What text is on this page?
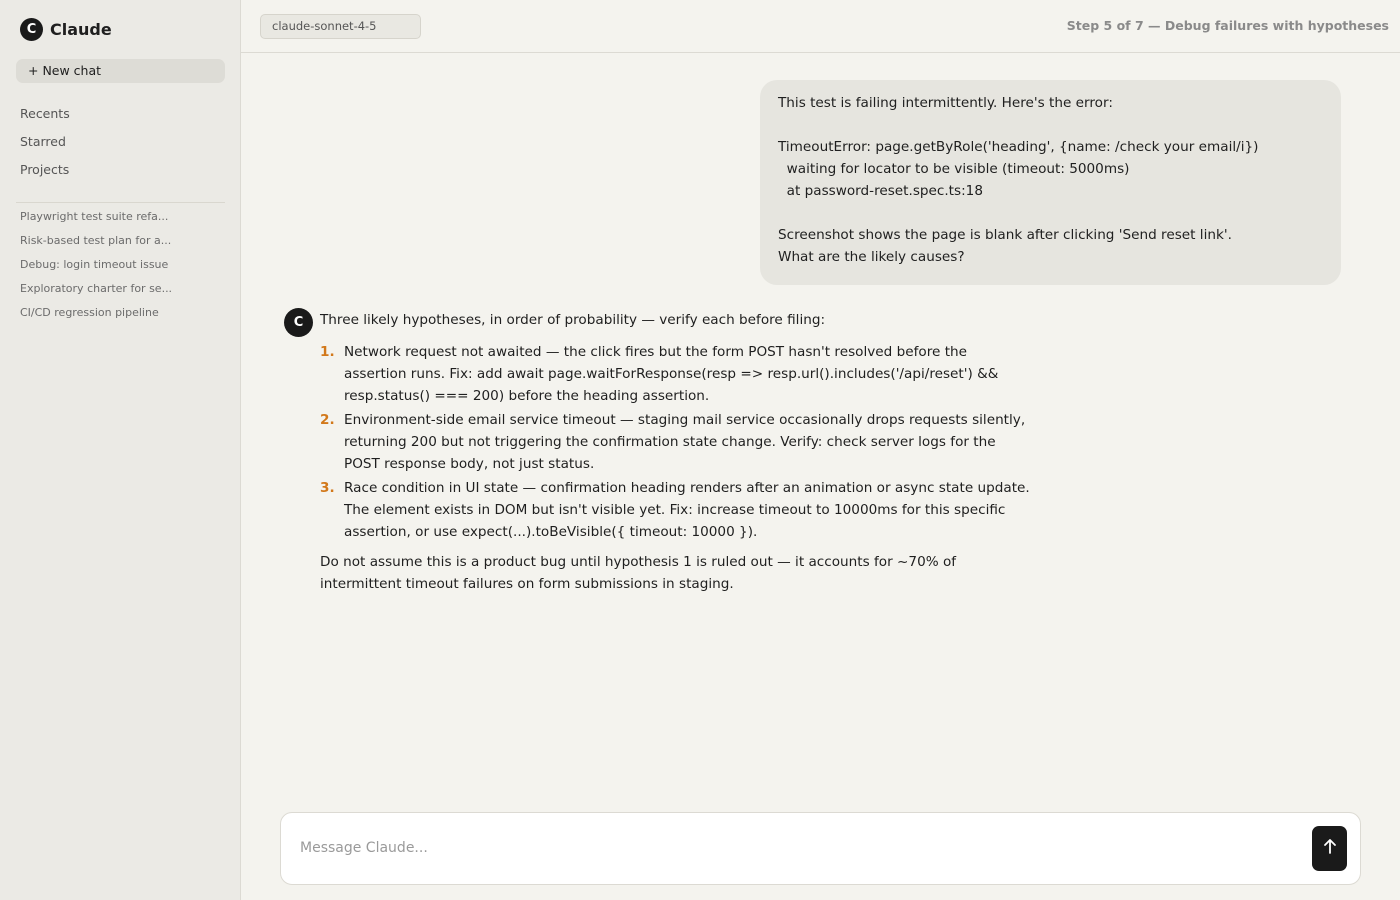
C Claude
+ New chat
Recents
Starred
Projects
Playwright test suite refa...
Risk-based test plan for a...
Debug: login timeout issue
Exploratory charter for se...
CI/CD regression pipeline
claude-sonnet-4-5	Step 5 of 7 — Debug failures with hypotheses
This test is failing intermittently. Here's the error:
TimeoutError: page.getByRole('heading', {name: /check your email/i})
waiting for locator to be visible (timeout: 5000ms)
at password-reset.spec.ts:18
Screenshot shows the page is blank after clicking 'Send reset link'.
What are the likely causes?
C	Three likely hypotheses, in order of probability — verify each before filing:

1. Network request not awaited — the click fires but the form POST hasn't resolved before the assertion runs. Fix: add await page.waitForResponse(resp => resp.url().includes('/api/reset') && resp.status() === 200) before the heading assertion.
2. Environment-side email service timeout — staging mail service occasionally drops requests silently, returning 200 but not triggering the confirmation state change. Verify: check server logs for the POST response body, not just status.
3. Race condition in UI state — confirmation heading renders after an animation or async state update. The element exists in DOM but isn't visible yet. Fix: increase timeout to 10000ms for this specific assertion, or use expect(...).toBeVisible({ timeout: 10000 }).

Do not assume this is a product bug until hypothesis 1 is ruled out — it accounts for ~70% of intermittent timeout failures on form submissions in staging.

Message Claude...
